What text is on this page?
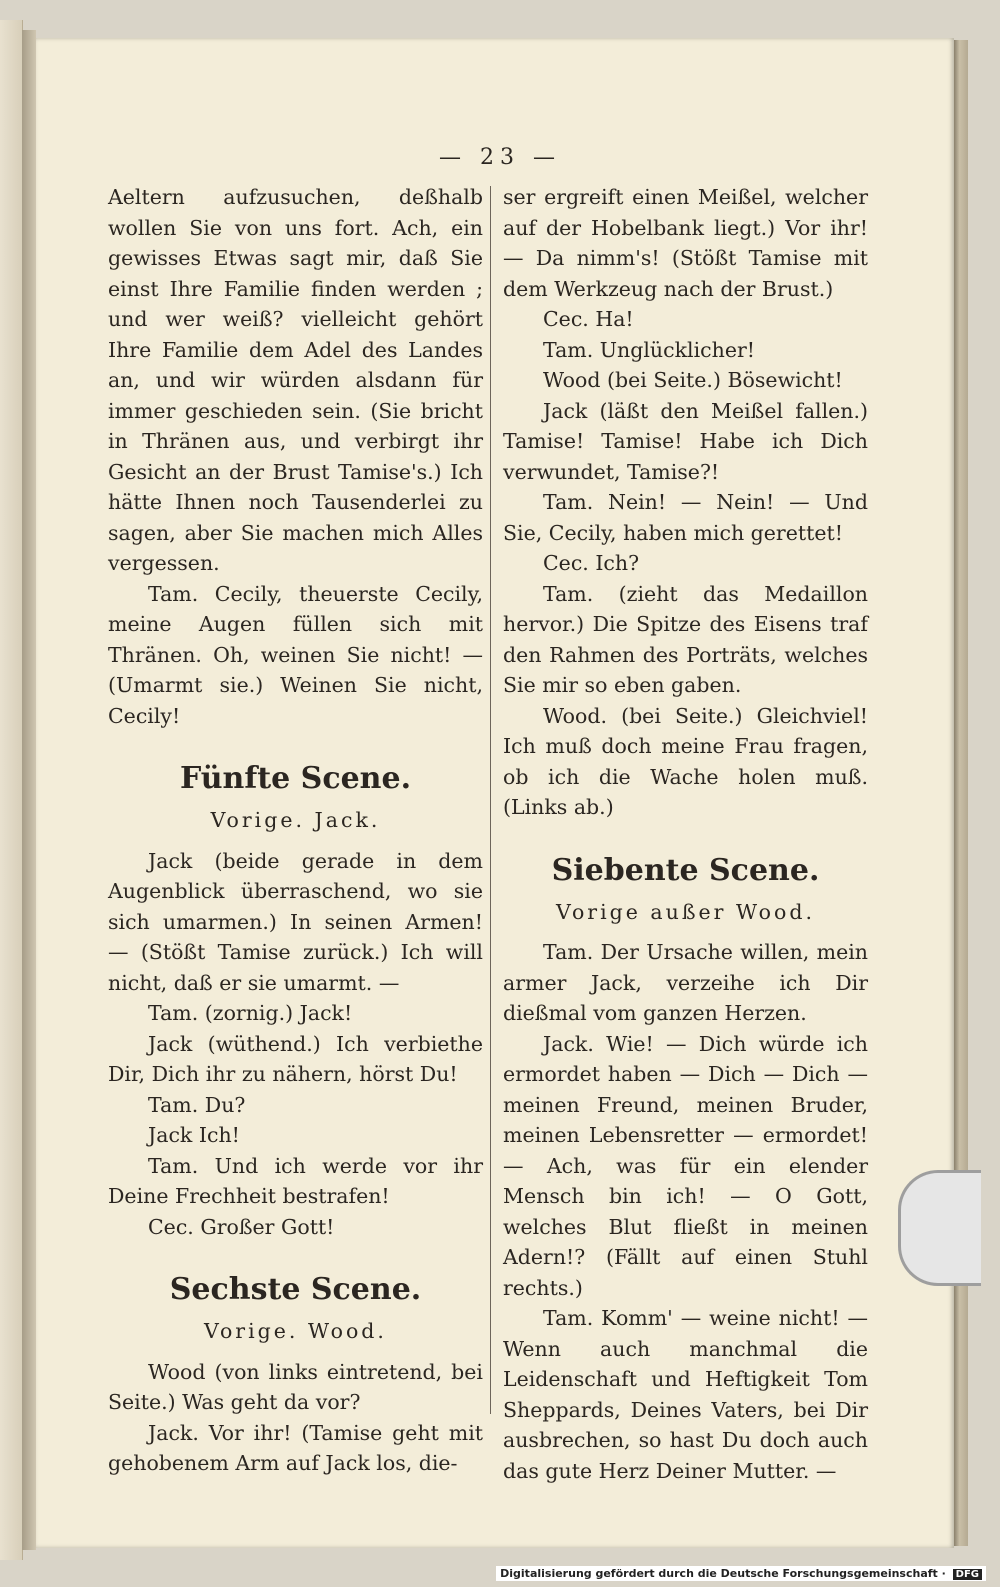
— 23 —

Aeltern aufzusuchen, deßhalb wollen Sie von uns fort. Ach, ein gewisses Etwas sagt mir, daß Sie einst Ihre Familie finden werden ; und wer weiß? vielleicht gehört Ihre Familie dem Adel des Landes an, und wir würden alsdann für immer geschieden sein. (Sie bricht in Thränen aus, und verbirgt ihr Gesicht an der Brust Tamise's.) Ich hätte Ihnen noch Tausenderlei zu sagen, aber Sie machen mich Alles vergessen.

Tam. Cecily, theuerste Cecily, meine Augen füllen sich mit Thränen. Oh, weinen Sie nicht! — (Umarmt sie.) Weinen Sie nicht, Cecily!

Fünfte Scene.
Vorige. Jack.

Jack (beide gerade in dem Augenblick überraschend, wo sie sich umarmen.) In seinen Armen! — (Stößt Tamise zurück.) Ich will nicht, daß er sie umarmt. —

Tam. (zornig.) Jack!

Jack (wüthend.) Ich verbiethe Dir, Dich ihr zu nähern, hörst Du!

Tam. Du?

Jack Ich!

Tam. Und ich werde vor ihr Deine Frechheit bestrafen!

Cec. Großer Gott!

Sechste Scene.
Vorige. Wood.

Wood (von links eintretend, bei Seite.) Was geht da vor?

Jack. Vor ihr! (Tamise geht mit gehobenem Arm auf Jack los, die-

ser ergreift einen Meißel, welcher auf der Hobelbank liegt.) Vor ihr! — Da nimm's! (Stößt Tamise mit dem Werkzeug nach der Brust.)

Cec. Ha!

Tam. Unglücklicher!

Wood (bei Seite.) Bösewicht!

Jack (läßt den Meißel fallen.) Tamise! Tamise! Habe ich Dich verwundet, Tamise?!

Tam. Nein! — Nein! — Und Sie, Cecily, haben mich gerettet!

Cec. Ich?

Tam. (zieht das Medaillon hervor.) Die Spitze des Eisens traf den Rahmen des Porträts, welches Sie mir so eben gaben.

Wood. (bei Seite.) Gleichviel! Ich muß doch meine Frau fragen, ob ich die Wache holen muß. (Links ab.)

Siebente Scene.
Vorige außer Wood.

Tam. Der Ursache willen, mein armer Jack, verzeihe ich Dir dießmal vom ganzen Herzen.

Jack. Wie! — Dich würde ich ermordet haben — Dich — Dich — meinen Freund, meinen Bruder, meinen Lebensretter — ermordet! — Ach, was für ein elender Mensch bin ich! — O Gott, welches Blut fließt in meinen Adern!? (Fällt auf einen Stuhl rechts.)

Tam. Komm' — weine nicht! — Wenn auch manchmal die Leidenschaft und Heftigkeit Tom Sheppards, Deines Vaters, bei Dir ausbrechen, so hast Du doch auch das gute Herz Deiner Mutter. —

Digitalisierung gefördert durch die Deutsche Forschungsgemeinschaft · DFG
